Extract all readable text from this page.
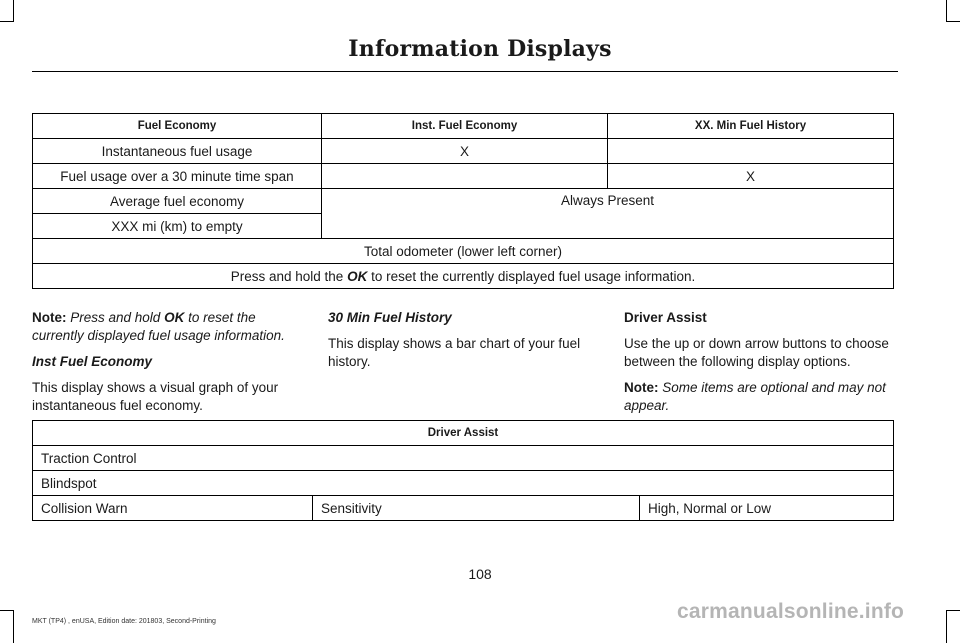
Information Displays
Fuel Economy	Inst. Fuel Economy	XX. Min Fuel History
Instantaneous fuel usage	X	
Fuel usage over a 30 minute time span		X
Average fuel economy	Always Present	
XXX mi (km) to empty		
Total odometer (lower left corner)		
Press and hold the OK to reset the currently displayed fuel usage information.		

Note: Press and hold OK to reset the currently displayed fuel usage information.

Inst Fuel Economy

This display shows a visual graph of your instantaneous fuel economy.

30 Min Fuel History

This display shows a bar chart of your fuel history.

Driver Assist

Use the up or down arrow buttons to choose between the following display options.

Note: Some items are optional and may not appear.

Driver Assist
Traction Control
Blindspot
Collision Warn	Sensitivity	High, Normal or Low
108
MKT (TP4) , enUSA, Edition date: 201803, Second-Printing	carmanualsonline.info
